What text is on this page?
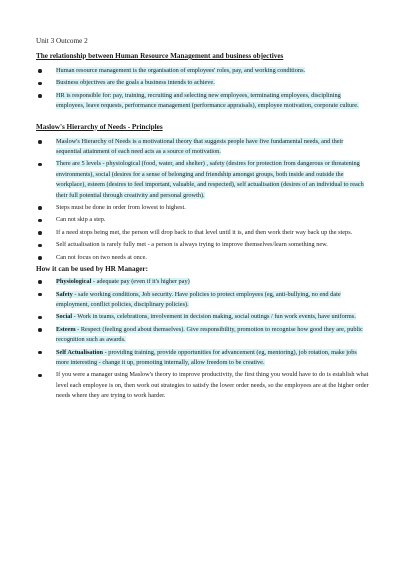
Unit 3 Outcome 2

The relationship between Human Resource Management and business objectives

Human resource management is the organisation of employees' roles, pay, and working conditions.
Business objectives are the goals a business intends to achieve.
HR is responsible for: pay, training, recruiting and selecting new employees, terminating employees, disciplining employees, leave requests, performance management (performance appraisals), employee motivation, corporate culture.

Maslow's Hierarchy of Needs - Principles

Maslow's Hierarchy of Needs is a motivational theory that suggests people have five fundamental needs, and their sequential attainment of each need acts as a source of motivation.
There are 5 levels - physiological (food, water, and shelter) , safety (desires for protection from dangerous or threatening environments), social (desires for a sense of belonging and friendship amongst groups, both inside and outside the workplace), esteem (desires to feel important, valuable, and respected), self actualisation (desires of an individual to reach their full potential through creativity and personal growth).
Steps must be done in order from lowest to highest.
Can not skip a step.
If a need stops being met, the person will drop back to that level until it is, and then work their way back up the steps.
Self actualisation is rarely fully met - a person is always trying to improve themselves/learn something new.
Can not focus on two needs at once.

How it can be used by HR Manager:

Physiological - adequate pay (even if it's higher pay)
Safety - safe working conditions, Job security. Have policies to protect employees (eg, anti-bullying, no end date employment, conflict policies, disciplinary policies).
Social - Work in teams, celebrations, involvement in decision making, social outings / fun work events, have uniforms.
Esteem - Respect (feeling good about themselves). Give responsibility, promotion to recognise how good they are, public recognition such as awards.
Self Actualisation - providing training, provide opportunities for advancement (eg, mentoring), job rotation, make jobs more interesting - change it up, promoting internally, allow freedom to be creative.
If you were a manager using Maslow's theory to improve productivity, the first thing you would have to do is establish what level each employee is on, then work out strategies to satisfy the lower order needs, so the employees are at the higher order needs where they are trying to work harder.
